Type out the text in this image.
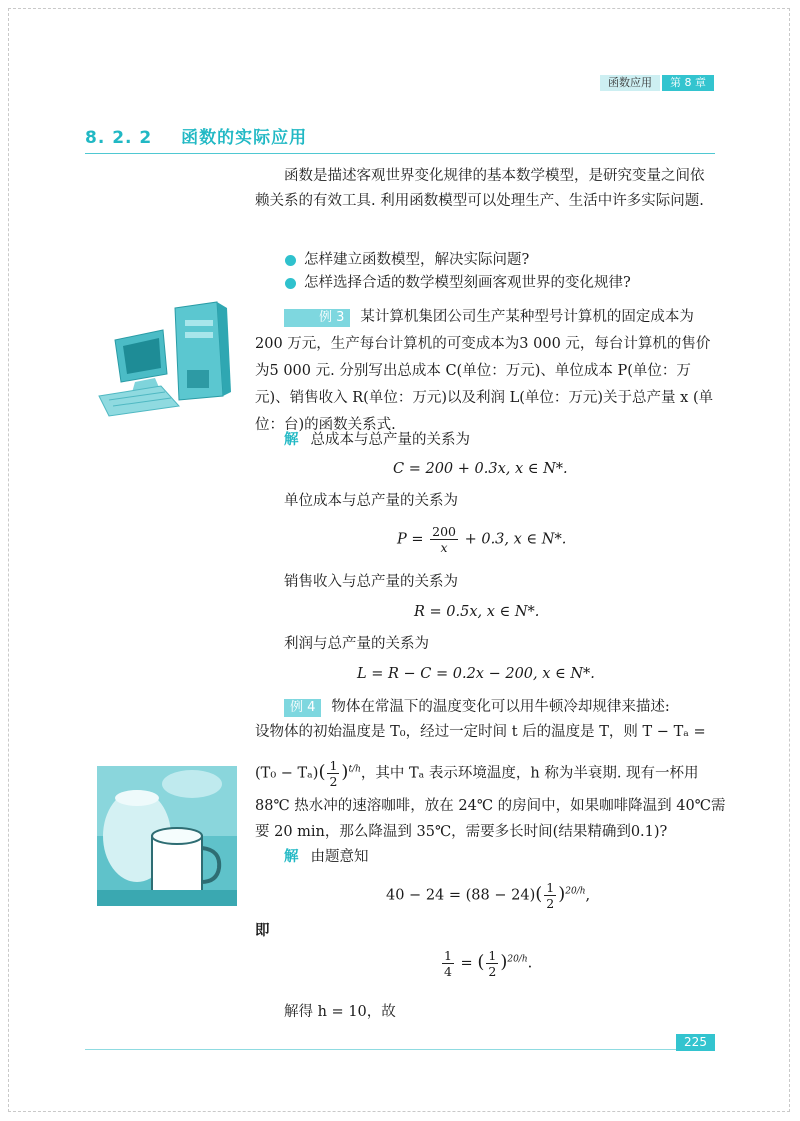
函数应用	第 8 章
8. 2. 2 函数的实际应用

函数是描述客观世界变化规律的基本数学模型，是研究变量之间依赖关系的有效工具. 利用函数模型可以处理生产、生活中许多实际问题.

怎样建立函数模型，解决实际问题?
怎样选择合适的数学模型刻画客观世界的变化规律?

例 3 某计算机集团公司生产某种型号计算机的固定成本为200 万元，生产每台计算机的可变成本为3 000 元，每台计算机的售价为5 000 元. 分别写出总成本 C(单位：万元)、单位成本 P(单位：万元)、销售收入 R(单位：万元)以及利润 L(单位：万元)关于总产量 x (单位：台)的函数关系式.

解 总成本与总产量的关系为
C = 200 + 0.3x, x ∈ N*.
单位成本与总产量的关系为
$P = \frac{200}{x} + 0.3$, x ∈ N*.
销售收入与总产量的关系为
R = 0.5x, x ∈ N*.
利润与总产量的关系为
L = R − C = 0.2x − 200, x ∈ N*.
例 4 物体在常温下的温度变化可以用牛顿冷却规律来描述:
设物体的初始温度是 T₀，经过一定时间 t 后的温度是 T，则 T − Tₐ =
$(T_0 - T_a)( \frac{1}{2} )^{t/h}$，其中 Tₐ 表示环境温度，h 称为半衰期. 现有一杯用
88℃ 热水冲的速溶咖啡，放在 24℃ 的房间中，如果咖啡降温到 40℃需
要 20 min，那么降温到 35℃，需要多长时间(结果精确到0.1)?
解 由题意知
$40 - 24 = (88 - 24)( \frac{1}{2} )^{20/h}$,
即
$\frac{1}{4}$ = ( $\frac{1}{2} )^{20/h}$.
解得 h = 10，故
225
